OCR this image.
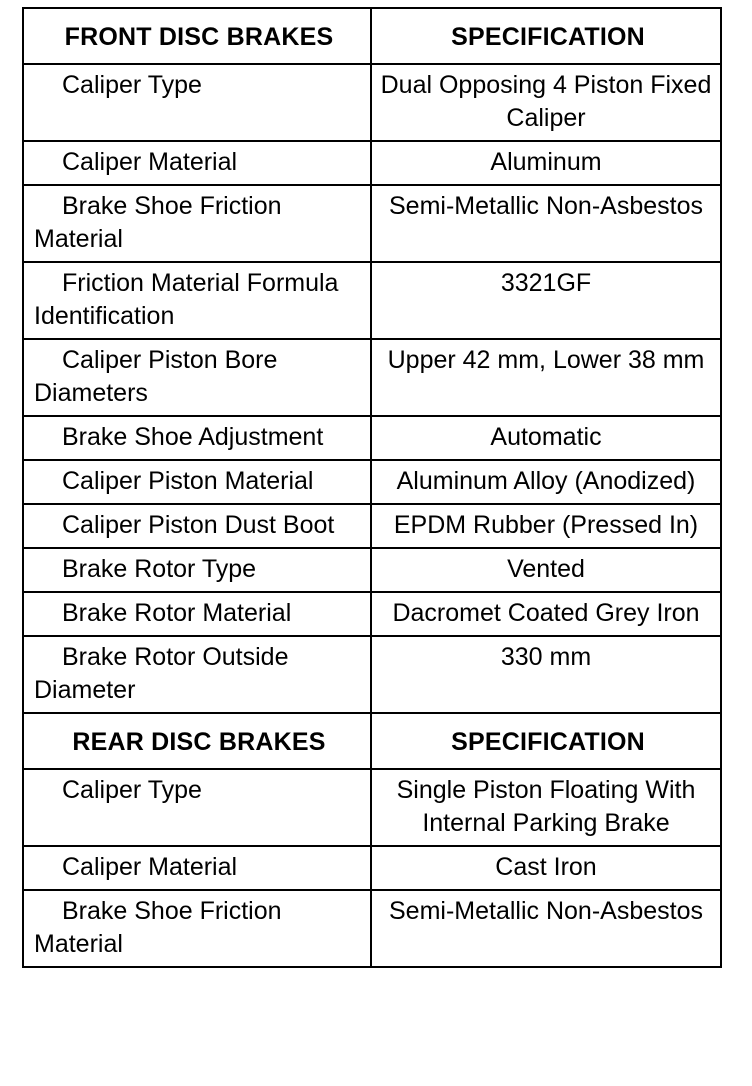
FRONT DISC BRAKES	SPECIFICATION
Caliper Type	Dual Opposing 4 Piston Fixed Caliper
Caliper Material	Aluminum
Brake Shoe Friction Material	Semi-Metallic Non-Asbestos
Friction Material Formula Identification	3321GF
Caliper Piston Bore Diameters	Upper 42 mm, Lower 38 mm
Brake Shoe Adjustment	Automatic
Caliper Piston Material	Aluminum Alloy (Anodized)
Caliper Piston Dust Boot	EPDM Rubber (Pressed In)
Brake Rotor Type	Vented
Brake Rotor Material	Dacromet Coated Grey Iron
Brake Rotor Outside Diameter	330 mm
REAR DISC BRAKES	SPECIFICATION
Caliper Type	Single Piston Floating With Internal Parking Brake
Caliper Material	Cast Iron
Brake Shoe Friction Material	Semi-Metallic Non-Asbestos
